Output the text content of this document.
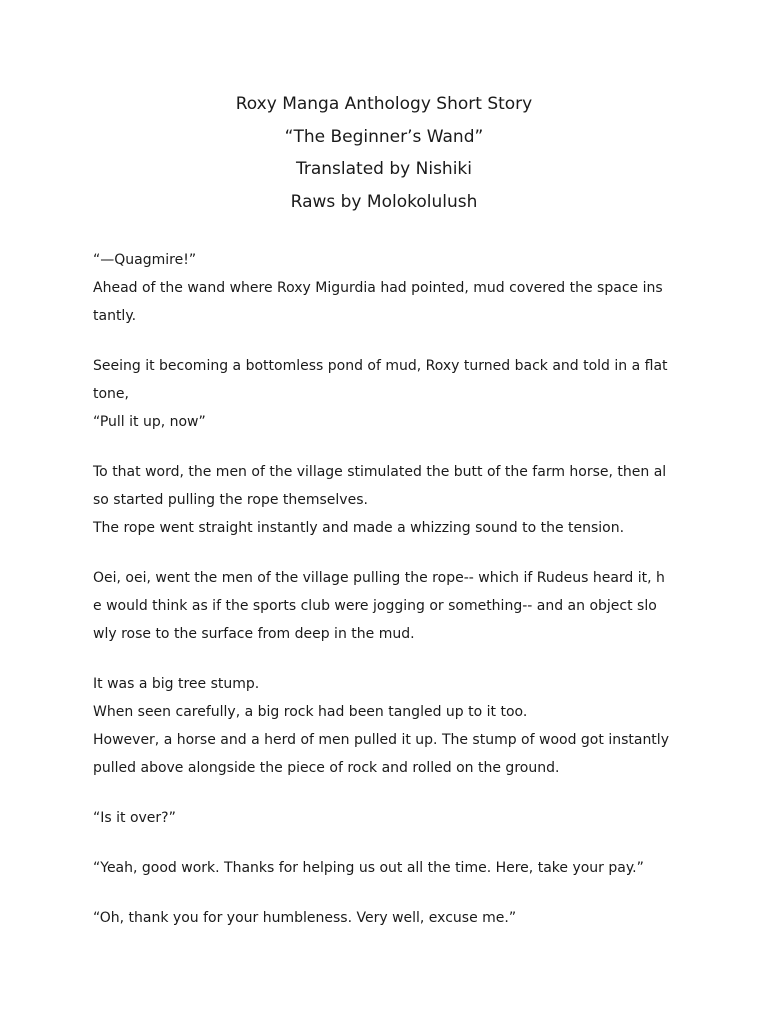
Roxy Manga Anthology Short Story
“The Beginner’s Wand”
Translated by Nishiki
Raws by Molokolulush

“—Quagmire!”
Ahead of the wand where Roxy Migurdia had pointed, mud covered the space ins
tantly.

Seeing it becoming a bottomless pond of mud, Roxy turned back and told in a flat
tone,
“Pull it up, now”

To that word, the men of the village stimulated the butt of the farm horse, then al
so started pulling the rope themselves.
The rope went straight instantly and made a whizzing sound to the tension.

Oei, oei, went the men of the village pulling the rope-- which if Rudeus heard it, h
e would think as if the sports club were jogging or something-- and an object slo
wly rose to the surface from deep in the mud.

It was a big tree stump.
When seen carefully, a big rock had been tangled up to it too.
However, a horse and a herd of men pulled it up. The stump of wood got instantly
pulled above alongside the piece of rock and rolled on the ground.

“Is it over?”

“Yeah, good work. Thanks for helping us out all the time. Here, take your pay.”

“Oh, thank you for your humbleness. Very well, excuse me.”
